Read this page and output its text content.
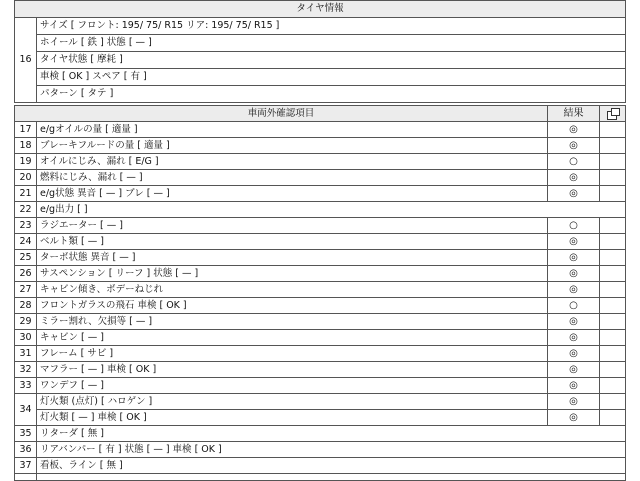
タイヤ情報
16	サイズ [ フロント: 195/ 75/ R15 リア: 195/ 75/ R15 ]
ホイール [ 鉄 ] 状態 [ — ]
タイヤ状態 [ 摩耗 ]
車検 [ OK ] スペア [ 有 ]
パターン [ タテ ]
車両外確認項目		結果	
17	e/gオイルの量 [ 適量 ]	◎	
18	ブレーキフルードの量 [ 適量 ]	◎	
19	オイルにじみ、漏れ [ E/G ]	○	
20	燃料にじみ、漏れ [ — ]	◎	
21	e/g状態 異音 [ — ] ブレ [ — ]	◎	
22	e/g出力 [ ]		
23	ラジエーター [ — ]	○	
24	ベルト類 [ — ]	◎	
25	ターボ状態 異音 [ — ]	◎	
26	サスペンション [ リーフ ] 状態 [ — ]	◎	
27	キャビン傾き、ボデーねじれ	◎	
28	フロントガラスの飛石 車検 [ OK ]	○	
29	ミラー割れ、欠損等 [ — ]	◎	
30	キャビン [ — ]	◎	
31	フレーム [ サビ ]	◎	
32	マフラー [ — ] 車検 [ OK ]	◎	
33	ワンデフ [ — ]	◎	
34	灯火類 (点灯) [ ハロゲン ]	◎	
	灯火類 [ — ] 車検 [ OK ]	◎	
35	リターダ [ 無 ]		
36	リアバンパー [ 有 ] 状態 [ — ] 車検 [ OK ]		
37	看板、ライン [ 無 ]		
